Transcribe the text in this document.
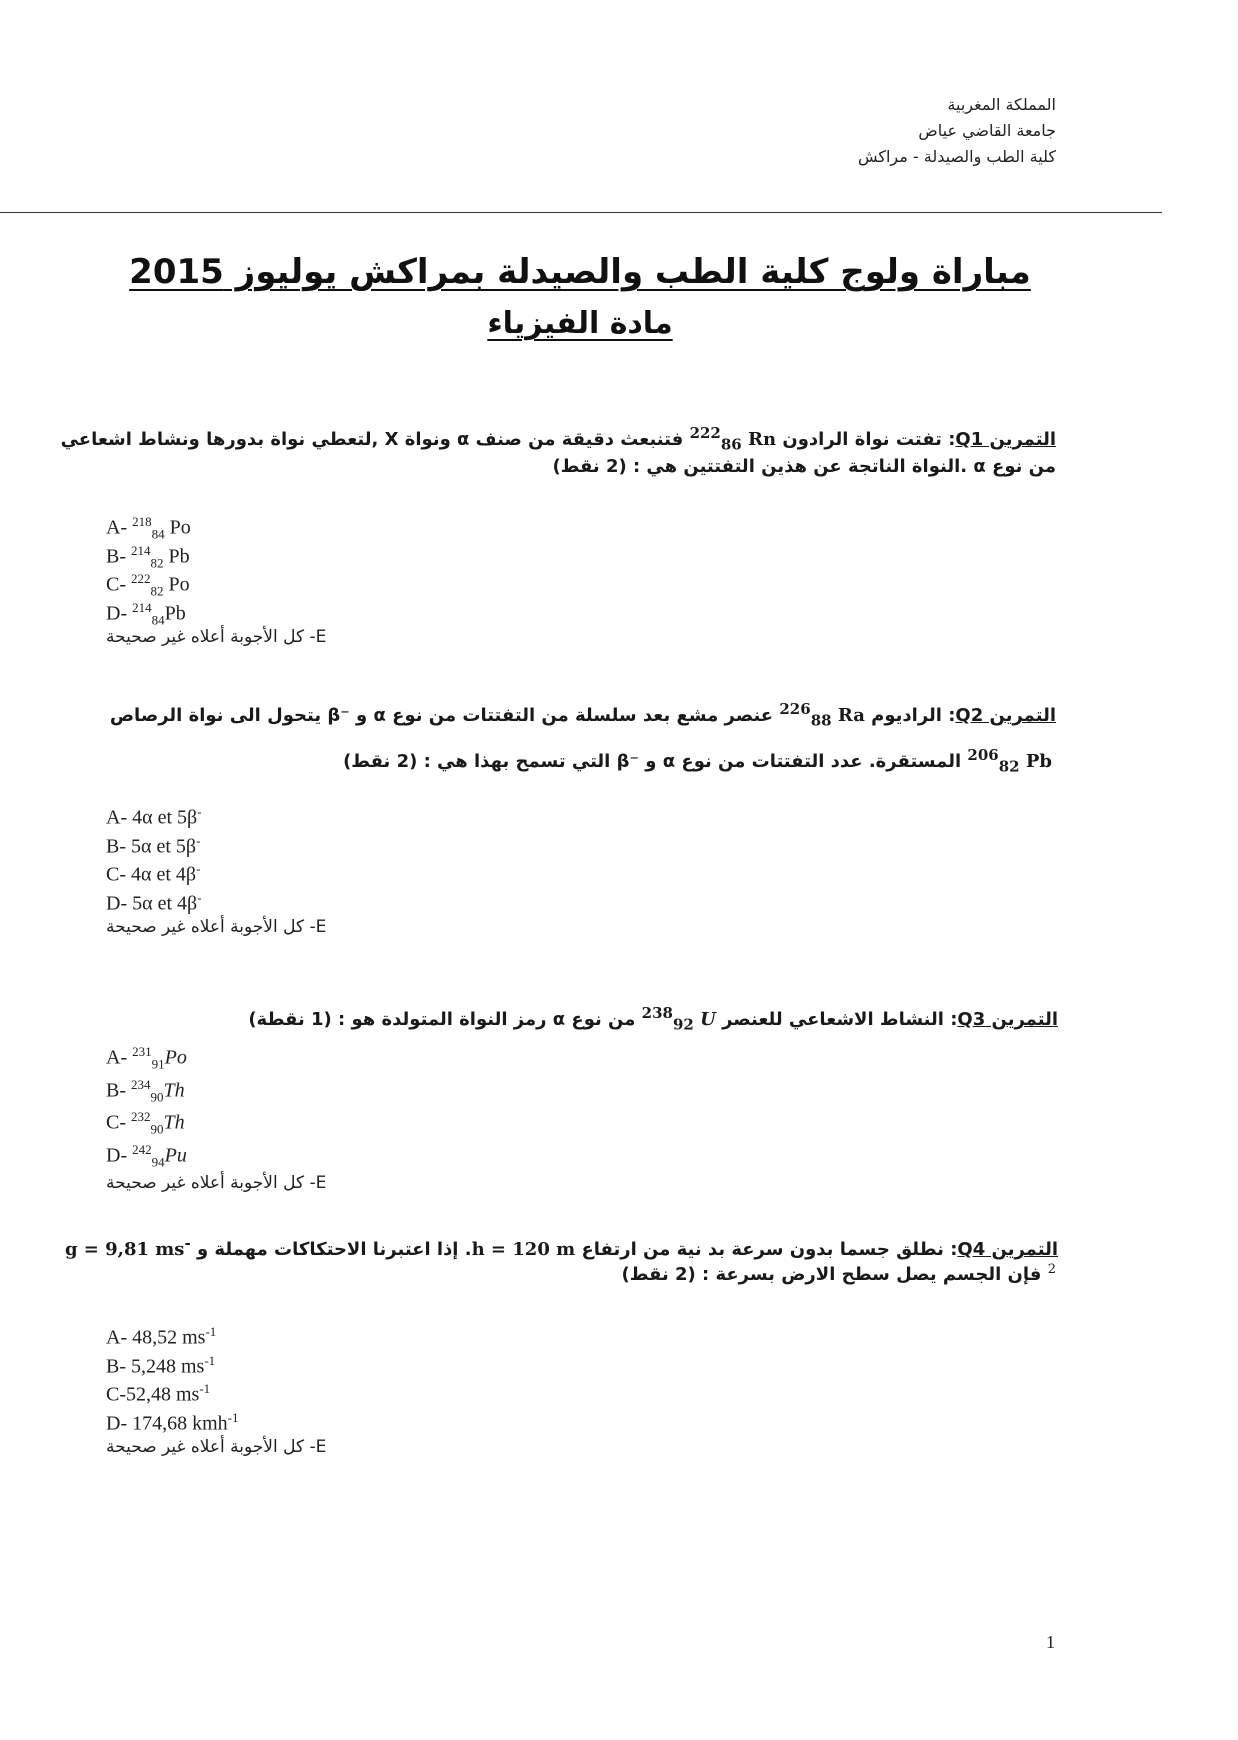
المملكة المغربية
جامعة القاضي عياض
كلية الطب والصيدلة - مراكش
مباراة ولوج كلية الطب والصيدلة بمراكش يوليوز 2015
مادة الفيزياء
التمرين Q1: تفتت نواة الرادون $^{222}_{86}$ Rn فتنبعث دقيقة من صنف α ونواة X ,لتعطي نواة بدورها ونشاط اشعاعي
من نوع α .النواة الناتجة عن هذين التفتتين هي : (2 نقط)
A- $^{218}_{84}$ Po
B- $^{214}_{82}$ Pb
C- $^{222}_{82}$ Po
D- $^{214}_{84}$Pb
E- كل الأجوبة أعلاه غير صحيحة
التمرين Q2: الراديوم $^{226}_{88}$ Ra عنصر مشع بعد سلسلة من التفتتات من نوع α و ⁻β يتحول الى نواة الرصاص
$^{206}_{82}$ Pb المستقرة. عدد التفتتات من نوع α و ⁻β التي تسمح بهذا هي : (2 نقط)
A- 4α et 5β-
B- 5α et 5β-
C- 4α et 4β-
D- 5α et 4β-
E- كل الأجوبة أعلاه غير صحيحة
التمرين Q3: النشاط الاشعاعي للعنصر $^{238}_{92}$ U من نوع α رمز النواة المتولدة هو : (1 نقطة)
A- $^{231}_{91}$Po
B- $^{234}_{90}$Th
C- $^{232}_{90}$Th
D- $^{242}_{94}$Pu
E- كل الأجوبة أعلاه غير صحيحة
التمرين Q4: نطلق جسما بدون سرعة بد نية من ارتفاع h = 120 m. إذا اعتبرنا الاحتكاكات مهملة و g = 9,81 ms-
$^2$ فإن الجسم يصل سطح الارض بسرعة : (2 نقط)
A- 48,52 $ms^{-1}$
B- 5,248 $ms^{-1}$
C-52,48 $ms^{-1}$
D- 174,68 kmh$^{-1}$
E- كل الأجوبة أعلاه غير صحيحة
1
